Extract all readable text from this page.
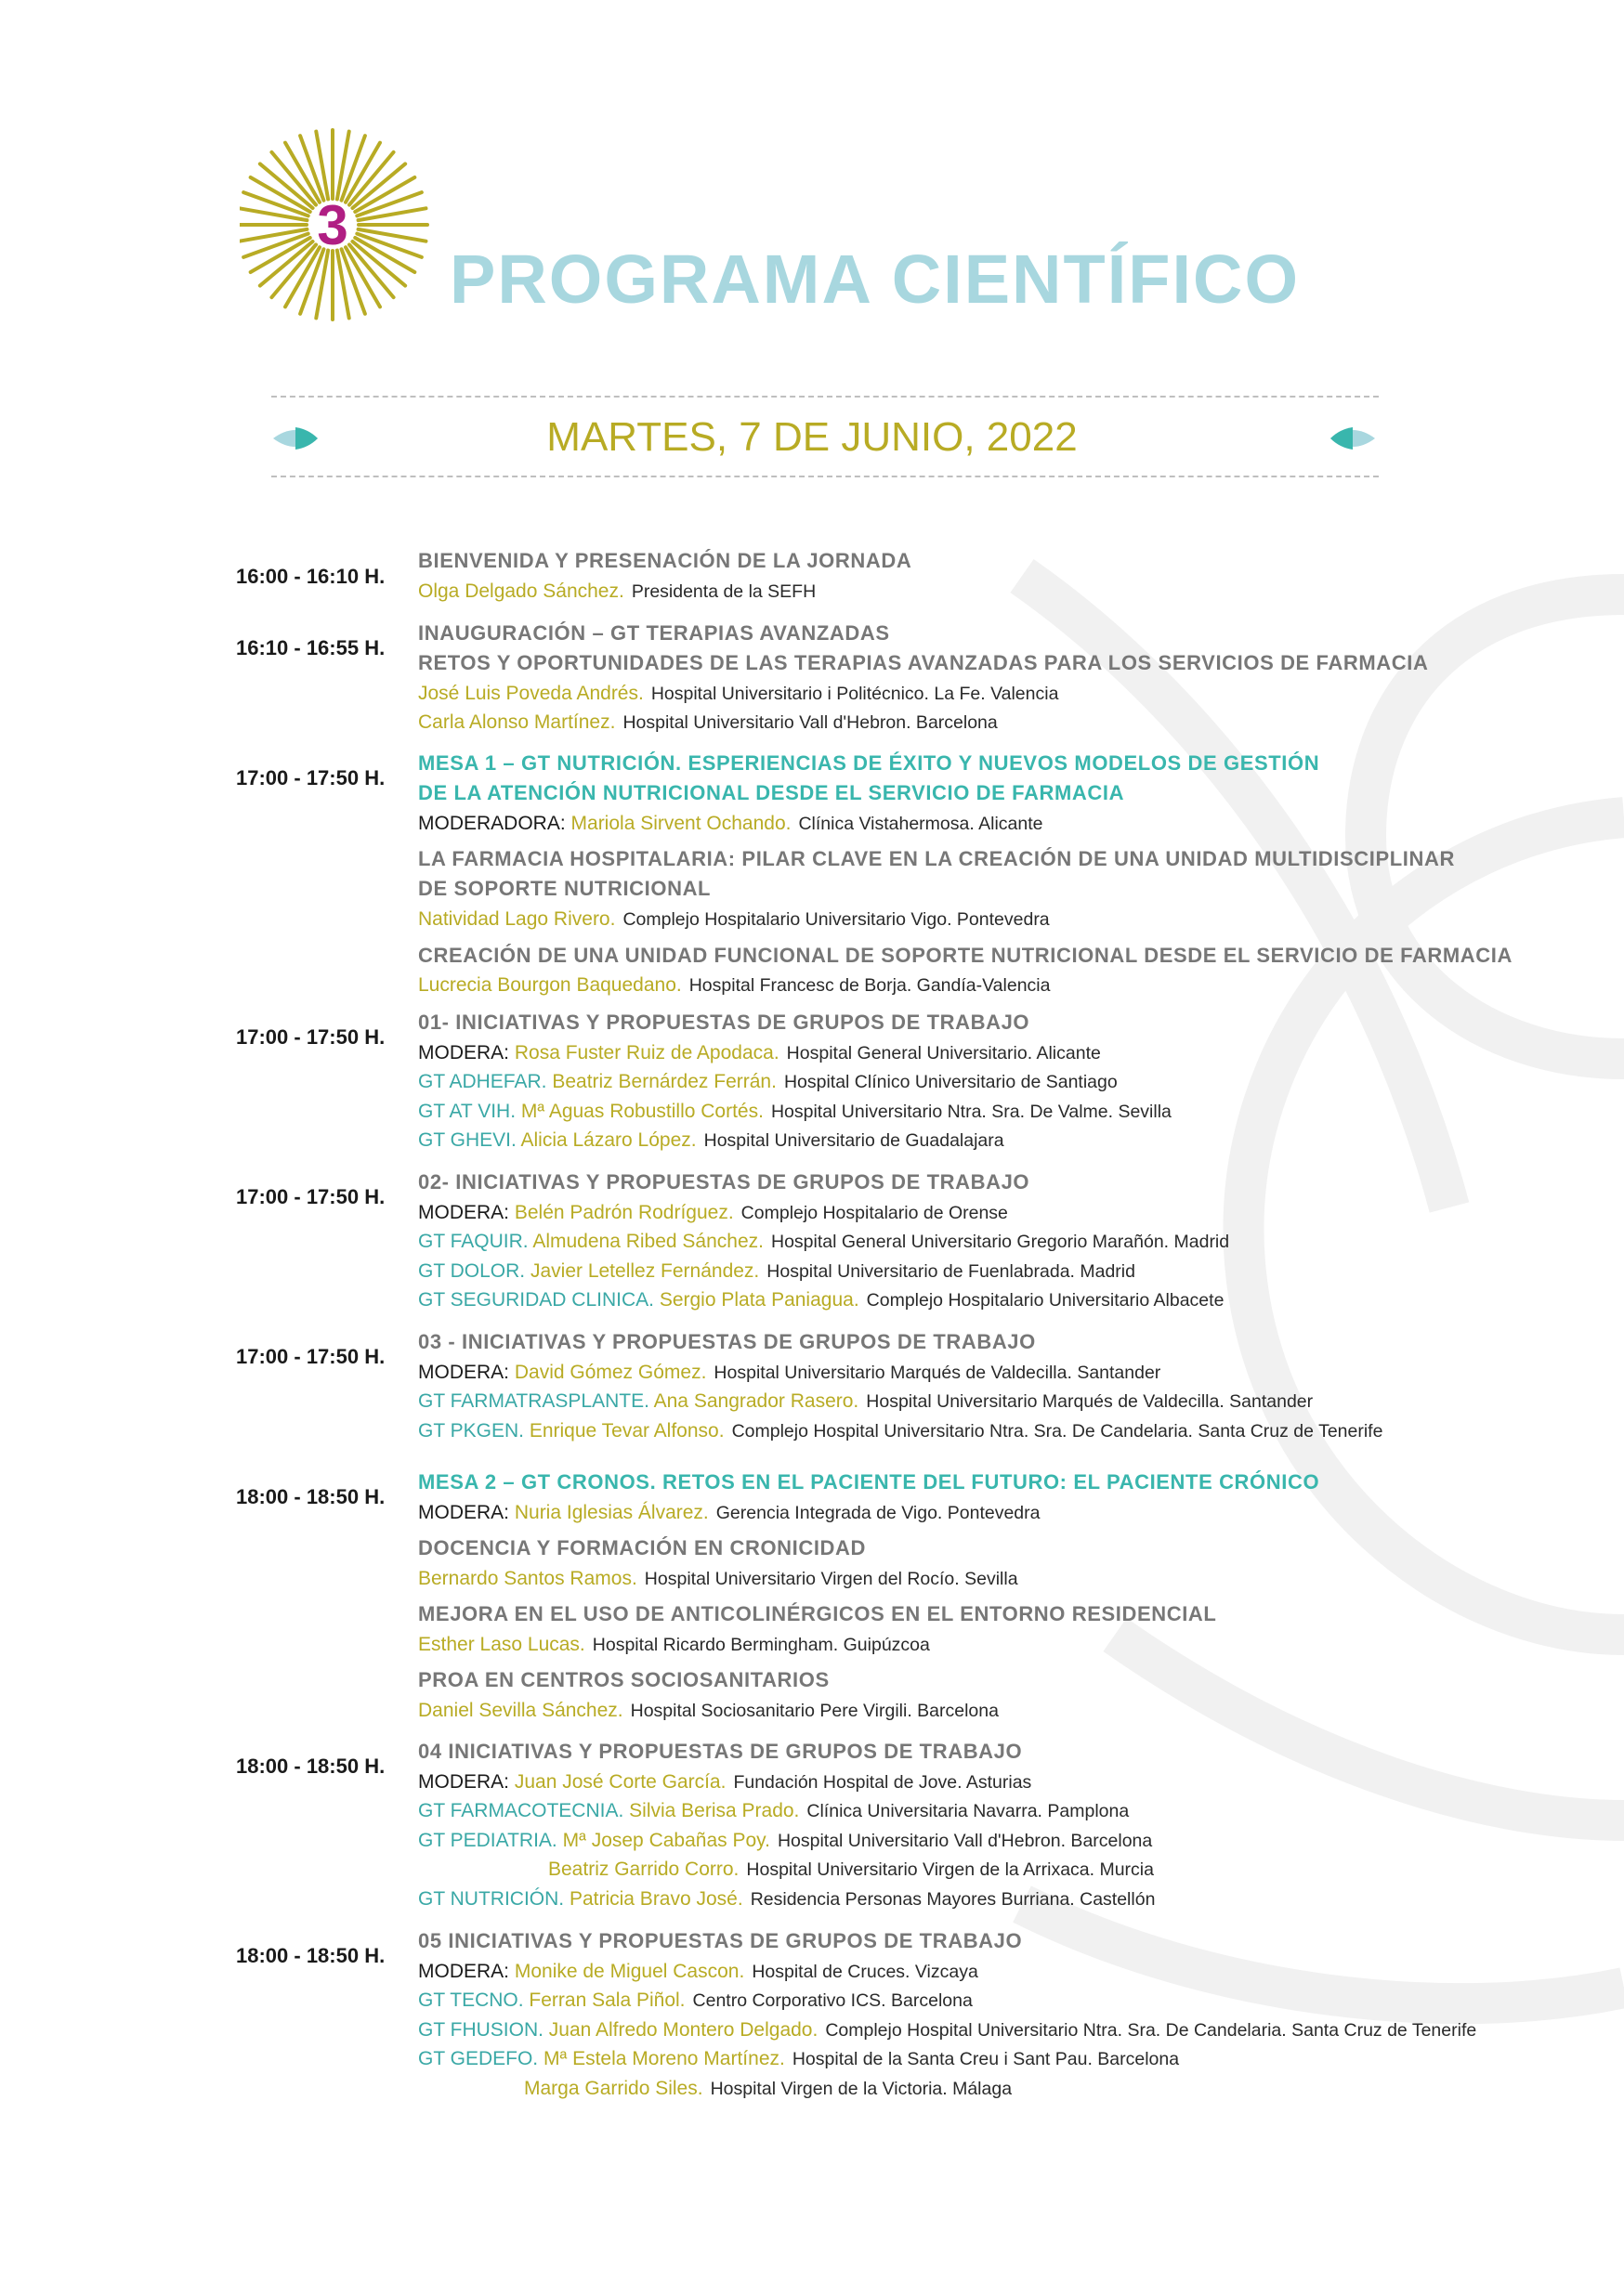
3
PROGRAMA CIENTÍFICO
MARTES, 7 DE JUNIO, 2022
16:00 - 16:10 H.
BIENVENIDA Y PRESENACIÓN DE LA JORNADA
Olga Delgado Sánchez. Presidenta de la SEFH
16:10 - 16:55 H.
INAUGURACIÓN – GT TERAPIAS AVANZADAS
RETOS Y OPORTUNIDADES DE LAS TERAPIAS AVANZADAS PARA LOS SERVICIOS DE FARMACIA
José Luis Poveda Andrés. Hospital Universitario i Politécnico. La Fe. Valencia
Carla Alonso Martínez. Hospital Universitario Vall d'Hebron. Barcelona
17:00 - 17:50 H.
MESA 1 – GT NUTRICIÓN. ESPERIENCIAS DE ÉXITO Y NUEVOS MODELOS DE GESTIÓN
DE LA ATENCIÓN NUTRICIONAL DESDE EL SERVICIO DE FARMACIA
MODERADORA: Mariola Sirvent Ochando. Clínica Vistahermosa. Alicante
LA FARMACIA HOSPITALARIA: PILAR CLAVE EN LA CREACIÓN DE UNA UNIDAD MULTIDISCIPLINAR
DE SOPORTE NUTRICIONAL
Natividad Lago Rivero. Complejo Hospitalario Universitario Vigo. Pontevedra
CREACIÓN DE UNA UNIDAD FUNCIONAL DE SOPORTE NUTRICIONAL DESDE EL SERVICIO DE FARMACIA
Lucrecia Bourgon Baquedano. Hospital Francesc de Borja. Gandía-Valencia
17:00 - 17:50 H.
01- INICIATIVAS Y PROPUESTAS DE GRUPOS DE TRABAJO
MODERA: Rosa Fuster Ruiz de Apodaca. Hospital General Universitario. Alicante
GT ADHEFAR. Beatriz Bernárdez Ferrán. Hospital Clínico Universitario de Santiago
GT AT VIH. Mª Aguas Robustillo Cortés. Hospital Universitario Ntra. Sra. De Valme. Sevilla
GT GHEVI. Alicia Lázaro López. Hospital Universitario de Guadalajara
17:00 - 17:50 H.
02- INICIATIVAS Y PROPUESTAS DE GRUPOS DE TRABAJO
MODERA: Belén Padrón Rodríguez. Complejo Hospitalario de Orense
GT FAQUIR. Almudena Ribed Sánchez. Hospital General Universitario Gregorio Marañón. Madrid
GT DOLOR. Javier Letellez Fernández. Hospital Universitario de Fuenlabrada. Madrid
GT SEGURIDAD CLINICA. Sergio Plata Paniagua. Complejo Hospitalario Universitario Albacete
17:00 - 17:50 H.
03 - INICIATIVAS Y PROPUESTAS DE GRUPOS DE TRABAJO
MODERA: David Gómez Gómez. Hospital Universitario Marqués de Valdecilla. Santander
GT FARMATRASPLANTE. Ana Sangrador Rasero. Hospital Universitario Marqués de Valdecilla. Santander
GT PKGEN. Enrique Tevar Alfonso. Complejo Hospital Universitario Ntra. Sra. De Candelaria. Santa Cruz de Tenerife
18:00 - 18:50 H.
MESA 2 – GT CRONOS. RETOS EN EL PACIENTE DEL FUTURO: EL PACIENTE CRÓNICO
MODERA: Nuria Iglesias Álvarez. Gerencia Integrada de Vigo. Pontevedra
DOCENCIA Y FORMACIÓN EN CRONICIDAD
Bernardo Santos Ramos. Hospital Universitario Virgen del Rocío. Sevilla
MEJORA EN EL USO DE ANTICOLINÉRGICOS EN EL ENTORNO RESIDENCIAL
Esther Laso Lucas. Hospital Ricardo Bermingham. Guipúzcoa
PROA EN CENTROS SOCIOSANITARIOS
Daniel Sevilla Sánchez. Hospital Sociosanitario Pere Virgili. Barcelona
18:00 - 18:50 H.
04 INICIATIVAS Y PROPUESTAS DE GRUPOS DE TRABAJO
MODERA: Juan José Corte García. Fundación Hospital de Jove. Asturias
GT FARMACOTECNIA. Silvia Berisa Prado. Clínica Universitaria Navarra. Pamplona
GT PEDIATRIA. Mª Josep Cabañas Poy. Hospital Universitario Vall d'Hebron. Barcelona
Beatriz Garrido Corro. Hospital Universitario Virgen de la Arrixaca. Murcia
GT NUTRICIÓN. Patricia Bravo José. Residencia Personas Mayores Burriana. Castellón
18:00 - 18:50 H.
05 INICIATIVAS Y PROPUESTAS DE GRUPOS DE TRABAJO
MODERA: Monike de Miguel Cascon. Hospital de Cruces. Vizcaya
GT TECNO. Ferran Sala Piñol. Centro Corporativo ICS. Barcelona
GT FHUSION. Juan Alfredo Montero Delgado. Complejo Hospital Universitario Ntra. Sra. De Candelaria. Santa Cruz de Tenerife
GT GEDEFO. Mª Estela Moreno Martínez. Hospital de la Santa Creu i Sant Pau. Barcelona
Marga Garrido Siles. Hospital Virgen de la Victoria. Málaga
